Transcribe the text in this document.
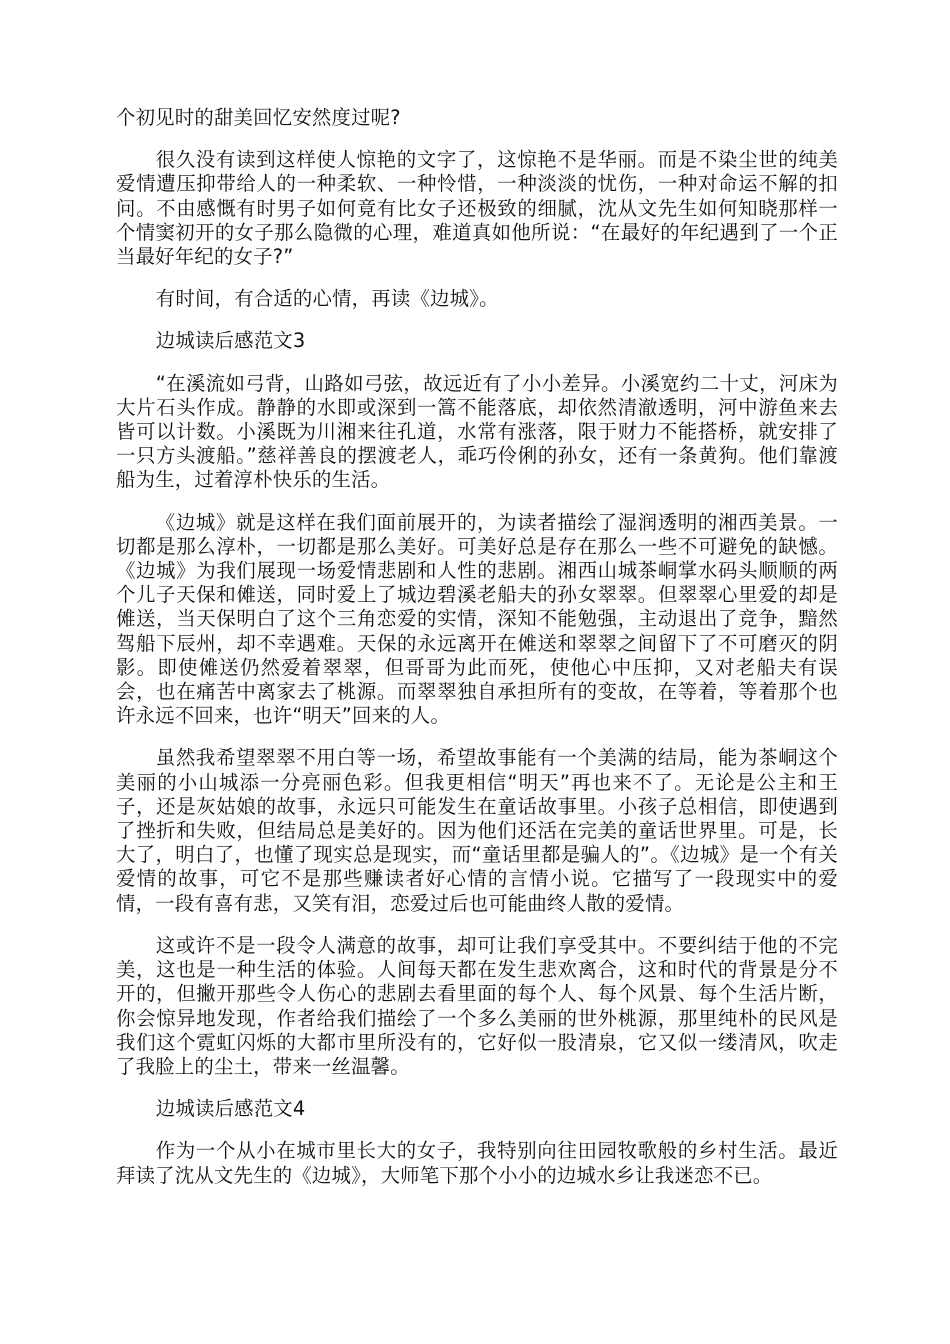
个初见时的甜美回忆安然度过呢?

很久没有读到这样使人惊艳的文字了，这惊艳不是华丽。而是不染尘世的纯美爱情遭压抑带给人的一种柔软、一种怜惜，一种淡淡的忧伤，一种对命运不解的扣问。不由感慨有时男子如何竟有比女子还极致的细腻，沈从文先生如何知晓那样一个情窦初开的女子那么隐微的心理，难道真如他所说：“在最好的年纪遇到了一个正当最好年纪的女子?”

有时间，有合适的心情，再读《边城》。

边城读后感范文3

“在溪流如弓背，山路如弓弦，故远近有了小小差异。小溪宽约二十丈，河床为大片石头作成。静静的水即或深到一篙不能落底，却依然清澈透明，河中游鱼来去皆可以计数。小溪既为川湘来往孔道，水常有涨落，限于财力不能搭桥，就安排了一只方头渡船。”慈祥善良的摆渡老人，乖巧伶俐的孙女，还有一条黄狗。他们靠渡船为生，过着淳朴快乐的生活。

《边城》就是这样在我们面前展开的，为读者描绘了湿润透明的湘西美景。一切都是那么淳朴，一切都是那么美好。可美好总是存在那么一些不可避免的缺憾。《边城》为我们展现一场爱情悲剧和人性的悲剧。湘西山城茶峒掌水码头顺顺的两个儿子天保和傩送，同时爱上了城边碧溪老船夫的孙女翠翠。但翠翠心里爱的却是傩送，当天保明白了这个三角恋爱的实情，深知不能勉强，主动退出了竞争，黯然驾船下辰州，却不幸遇难。天保的永远离开在傩送和翠翠之间留下了不可磨灭的阴影。即使傩送仍然爱着翠翠，但哥哥为此而死，使他心中压抑，又对老船夫有误会，也在痛苦中离家去了桃源。而翠翠独自承担所有的变故，在等着，等着那个也许永远不回来，也许“明天”回来的人。

虽然我希望翠翠不用白等一场，希望故事能有一个美满的结局，能为茶峒这个美丽的小山城添一分亮丽色彩。但我更相信“明天”再也来不了。无论是公主和王子，还是灰姑娘的故事，永远只可能发生在童话故事里。小孩子总相信，即使遇到了挫折和失败，但结局总是美好的。因为他们还活在完美的童话世界里。可是，长大了，明白了，也懂了现实总是现实，而“童话里都是骗人的”。《边城》是一个有关爱情的故事，可它不是那些赚读者好心情的言情小说。它描写了一段现实中的爱情，一段有喜有悲，又笑有泪，恋爱过后也可能曲终人散的爱情。

这或许不是一段令人满意的故事，却可让我们享受其中。不要纠结于他的不完美，这也是一种生活的体验。人间每天都在发生悲欢离合，这和时代的背景是分不开的，但撇开那些令人伤心的悲剧去看里面的每个人、每个风景、每个生活片断，你会惊异地发现，作者给我们描绘了一个多么美丽的世外桃源，那里纯朴的民风是我们这个霓虹闪烁的大都市里所没有的，它好似一股清泉，它又似一缕清风，吹走了我脸上的尘土，带来一丝温馨。

边城读后感范文4

作为一个从小在城市里长大的女子，我特别向往田园牧歌般的乡村生活。最近拜读了沈从文先生的《边城》，大师笔下那个小小的边城水乡让我迷恋不已。
